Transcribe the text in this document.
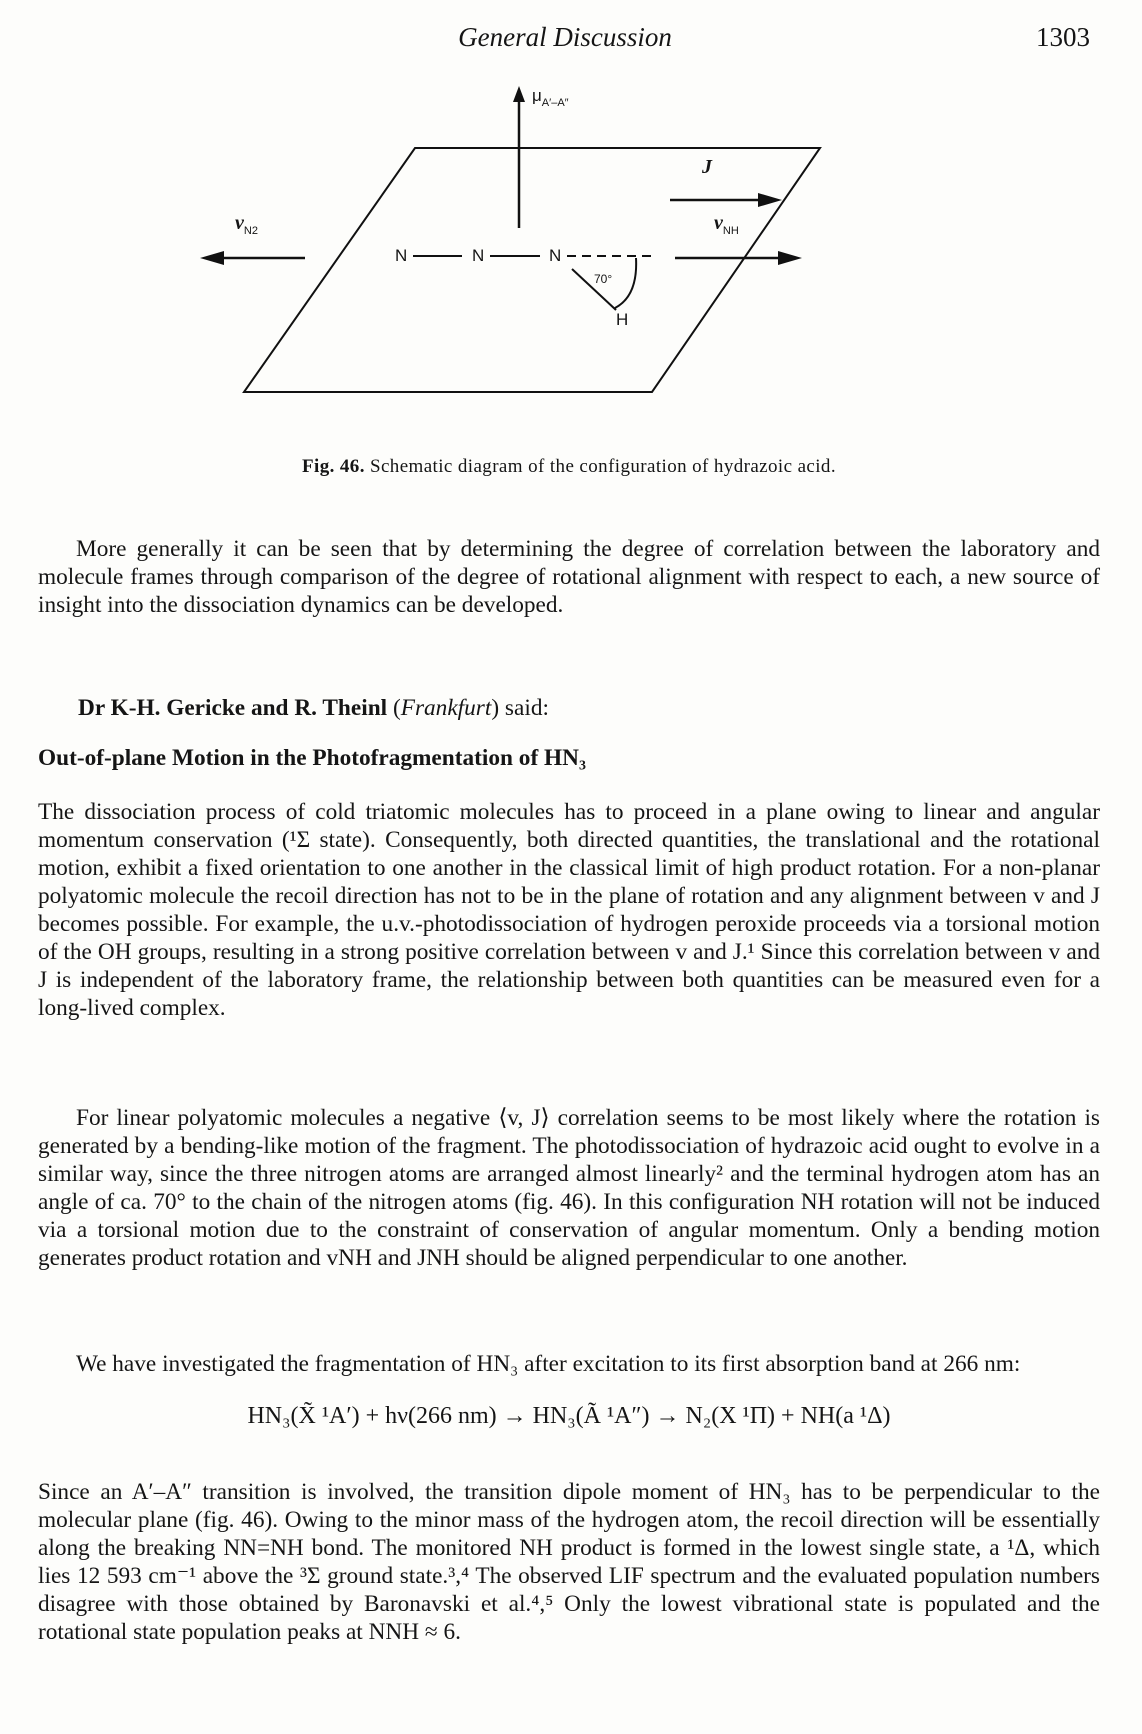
General Discussion	1303
$\mu_{A'-A''}$
$v_{N2}$
J
$v_{NH}$
N	N	N
70°
H
Fig. 46. Schematic diagram of the configuration of hydrazoic acid.

More generally it can be seen that by determining the degree of correlation between the laboratory and molecule frames through comparison of the degree of rotational alignment with respect to each, a new source of insight into the dissociation dynamics can be developed.

Dr K-H. Gericke and R. Theinl (Frankfurt) said:
Out-of-plane Motion in the Photofragmentation of HN₃

The dissociation process of cold triatomic molecules has to proceed in a plane owing to linear and angular momentum conservation (¹Σ state). Consequently, both directed quantities, the translational and the rotational motion, exhibit a fixed orientation to one another in the classical limit of high product rotation. For a non-planar polyatomic molecule the recoil direction has not to be in the plane of rotation and any alignment between v and J becomes possible. For example, the u.v.-photodissociation of hydrogen peroxide proceeds via a torsional motion of the OH groups, resulting in a strong positive correlation between v and J.¹ Since this correlation between v and J is independent of the laboratory frame, the relationship between both quantities can be measured even for a long-lived complex.

For linear polyatomic molecules a negative ⟨v, J⟩ correlation seems to be most likely where the rotation is generated by a bending-like motion of the fragment. The photodissociation of hydrazoic acid ought to evolve in a similar way, since the three nitrogen atoms are arranged almost linearly² and the terminal hydrogen atom has an angle of ca. 70° to the chain of the nitrogen atoms (fig. 46). In this configuration NH rotation will not be induced via a torsional motion due to the constraint of conservation of angular momentum. Only a bending motion generates product rotation and vNH and JNH should be aligned perpendicular to one another.

We have investigated the fragmentation of HN₃ after excitation to its first absorption band at 266 nm:

HN₃(X̃ ¹A′) + hν(266 nm) → HN₃(Ã ¹A″) → N₂(X ¹Π) + NH(a ¹Δ)

Since an A′–A″ transition is involved, the transition dipole moment of HN₃ has to be perpendicular to the molecular plane (fig. 46). Owing to the minor mass of the hydrogen atom, the recoil direction will be essentially along the breaking NN=NH bond. The monitored NH product is formed in the lowest single state, a ¹Δ, which lies 12 593 cm⁻¹ above the ³Σ ground state.³,⁴ The observed LIF spectrum and the evaluated population numbers disagree with those obtained by Baronavski et al.⁴,⁵ Only the lowest vibrational state is populated and the rotational state population peaks at NNH ≈ 6.
